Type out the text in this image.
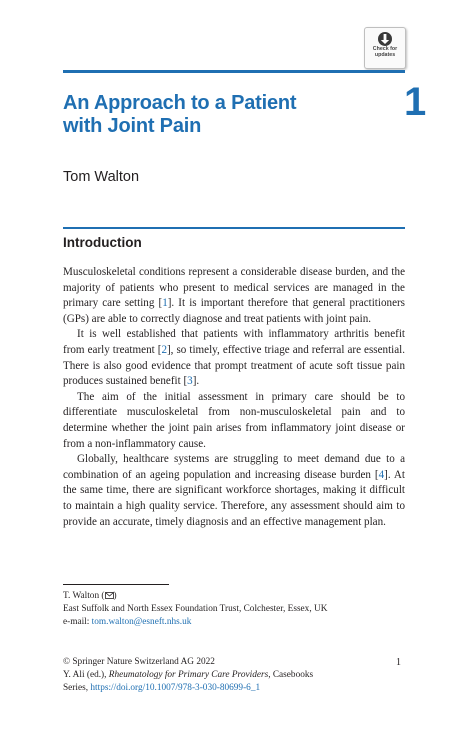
Check for
updates
An Approach to a Patient
with Joint Pain
1

Tom Walton

Introduction

Musculoskeletal conditions represent a considerable disease burden, and the majority of patients who present to medical services are managed in the primary care setting [1]. It is important therefore that general practitioners (GPs) are able to correctly diagnose and treat patients with joint pain.

It is well established that patients with inflammatory arthritis benefit from early treatment [2], so timely, effective triage and referral are essential. There is also good evidence that prompt treatment of acute soft tissue pain produces sustained benefit [3].

The aim of the initial assessment in primary care should be to differentiate musculoskeletal from non-musculoskeletal pain and to determine whether the joint pain arises from inflammatory joint disease or from a non-inflammatory cause.

Globally, healthcare systems are struggling to meet demand due to a combination of an ageing population and increasing disease burden [4]. At the same time, there are significant workforce shortages, making it difficult to maintain a high quality service. Therefore, any assessment should aim to provide an accurate, timely diagnosis and an effective management plan.

T. Walton ( )
East Suffolk and North Essex Foundation Trust, Colchester, Essex, UK
e-mail: tom.walton@esneft.nhs.uk
© Springer Nature Switzerland AG 2022
Y. Ali (ed.), Rheumatology for Primary Care Providers, Casebooks
Series, https://doi.org/10.1007/978-3-030-80699-6_1
1
